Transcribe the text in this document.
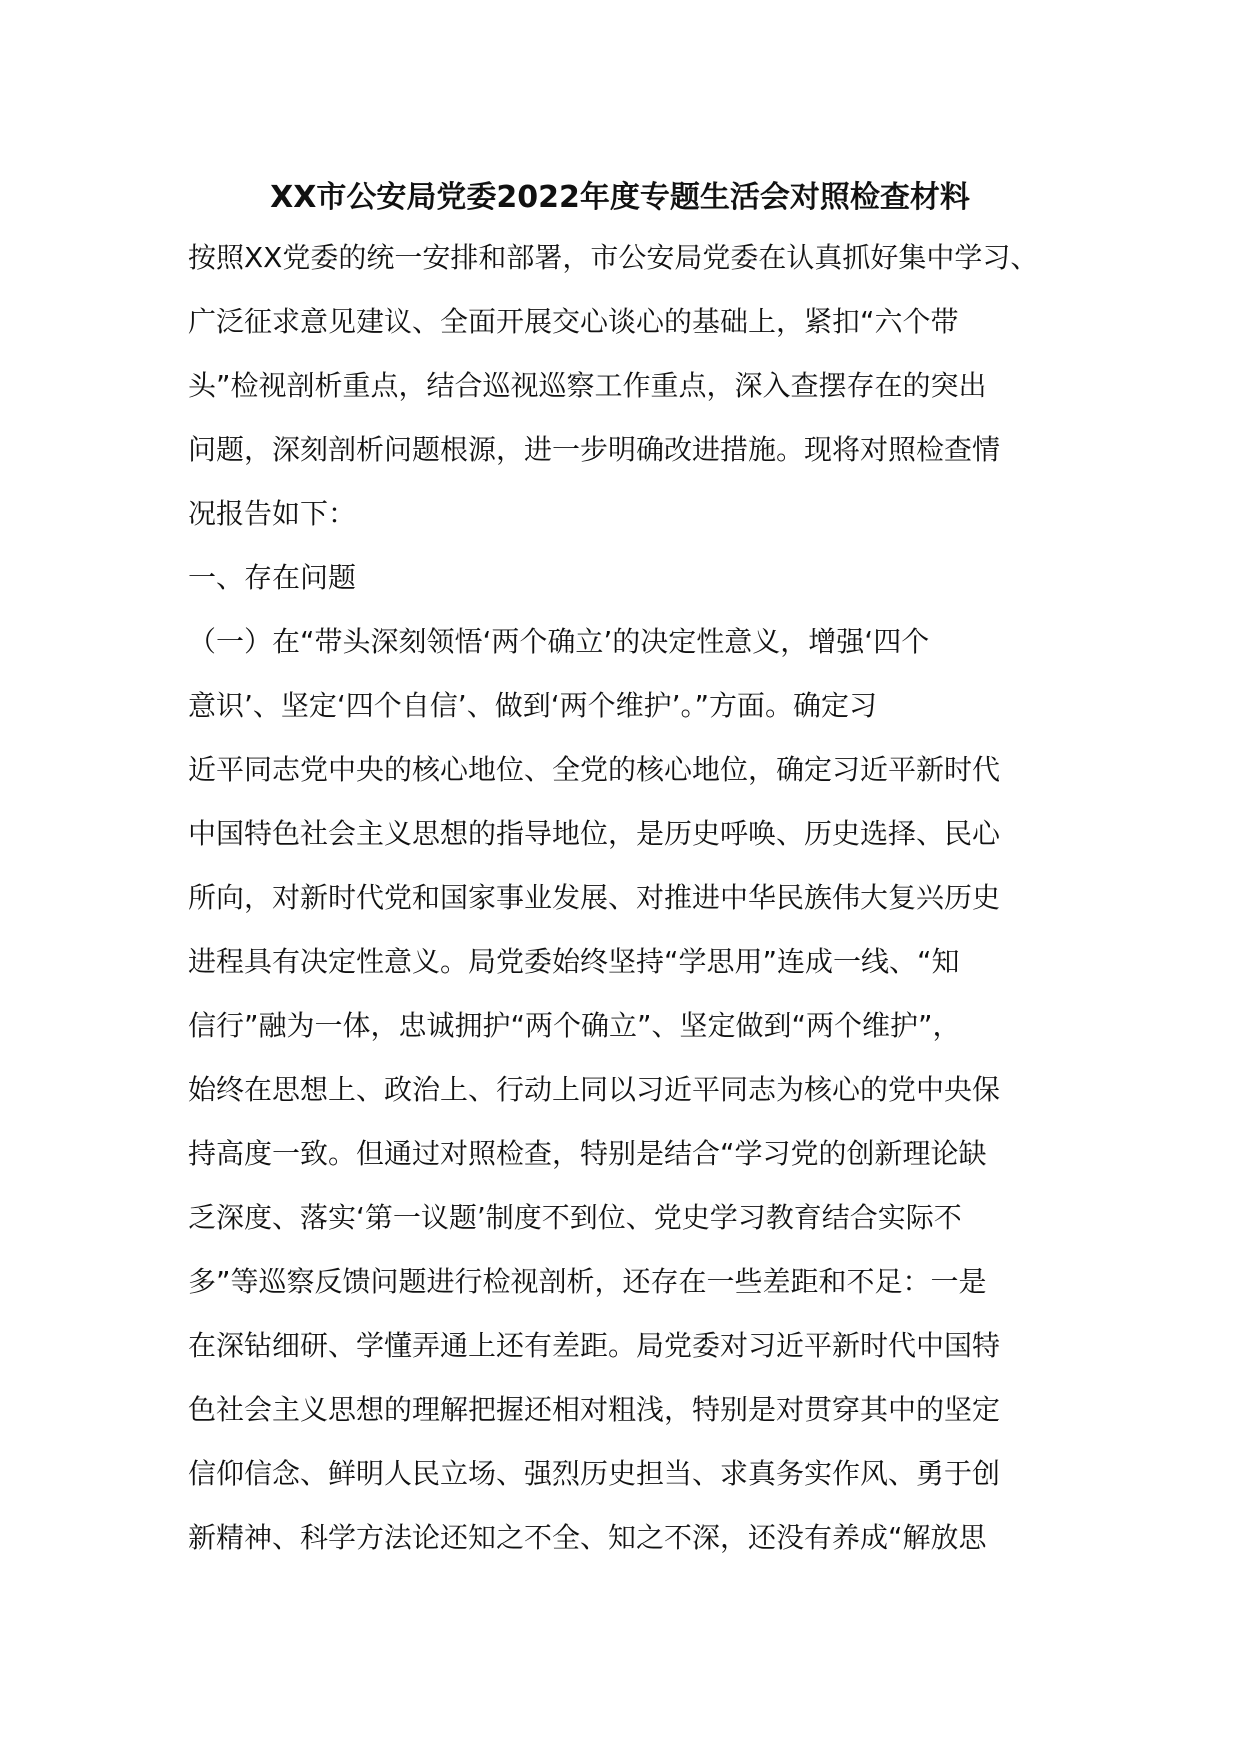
XX市公安局党委2022年度专题生活会对照检查材料

按照XX党委的统一安排和部署，市公安局党委在认真抓好集中学习、

广泛征求意见建议、全面开展交心谈心的基础上，紧扣“六个带

头”检视剖析重点，结合巡视巡察工作重点，深入查摆存在的突出

问题，深刻剖析问题根源，进一步明确改进措施。现将对照检查情

况报告如下：

一、存在问题

（一）在“带头深刻领悟‘两个确立’的决定性意义，增强‘四个

意识’、坚定‘四个自信’、做到‘两个维护’。”方面。确定习

近平同志党中央的核心地位、全党的核心地位，确定习近平新时代

中国特色社会主义思想的指导地位，是历史呼唤、历史选择、民心

所向，对新时代党和国家事业发展、对推进中华民族伟大复兴历史

进程具有决定性意义。局党委始终坚持“学思用”连成一线、“知

信行”融为一体，忠诚拥护“两个确立”、坚定做到“两个维护”，

始终在思想上、政治上、行动上同以习近平同志为核心的党中央保

持高度一致。但通过对照检查，特别是结合“学习党的创新理论缺

乏深度、落实‘第一议题’制度不到位、党史学习教育结合实际不

多”等巡察反馈问题进行检视剖析，还存在一些差距和不足：一是

在深钻细研、学懂弄通上还有差距。局党委对习近平新时代中国特

色社会主义思想的理解把握还相对粗浅，特别是对贯穿其中的坚定

信仰信念、鲜明人民立场、强烈历史担当、求真务实作风、勇于创

新精神、科学方法论还知之不全、知之不深，还没有养成“解放思
